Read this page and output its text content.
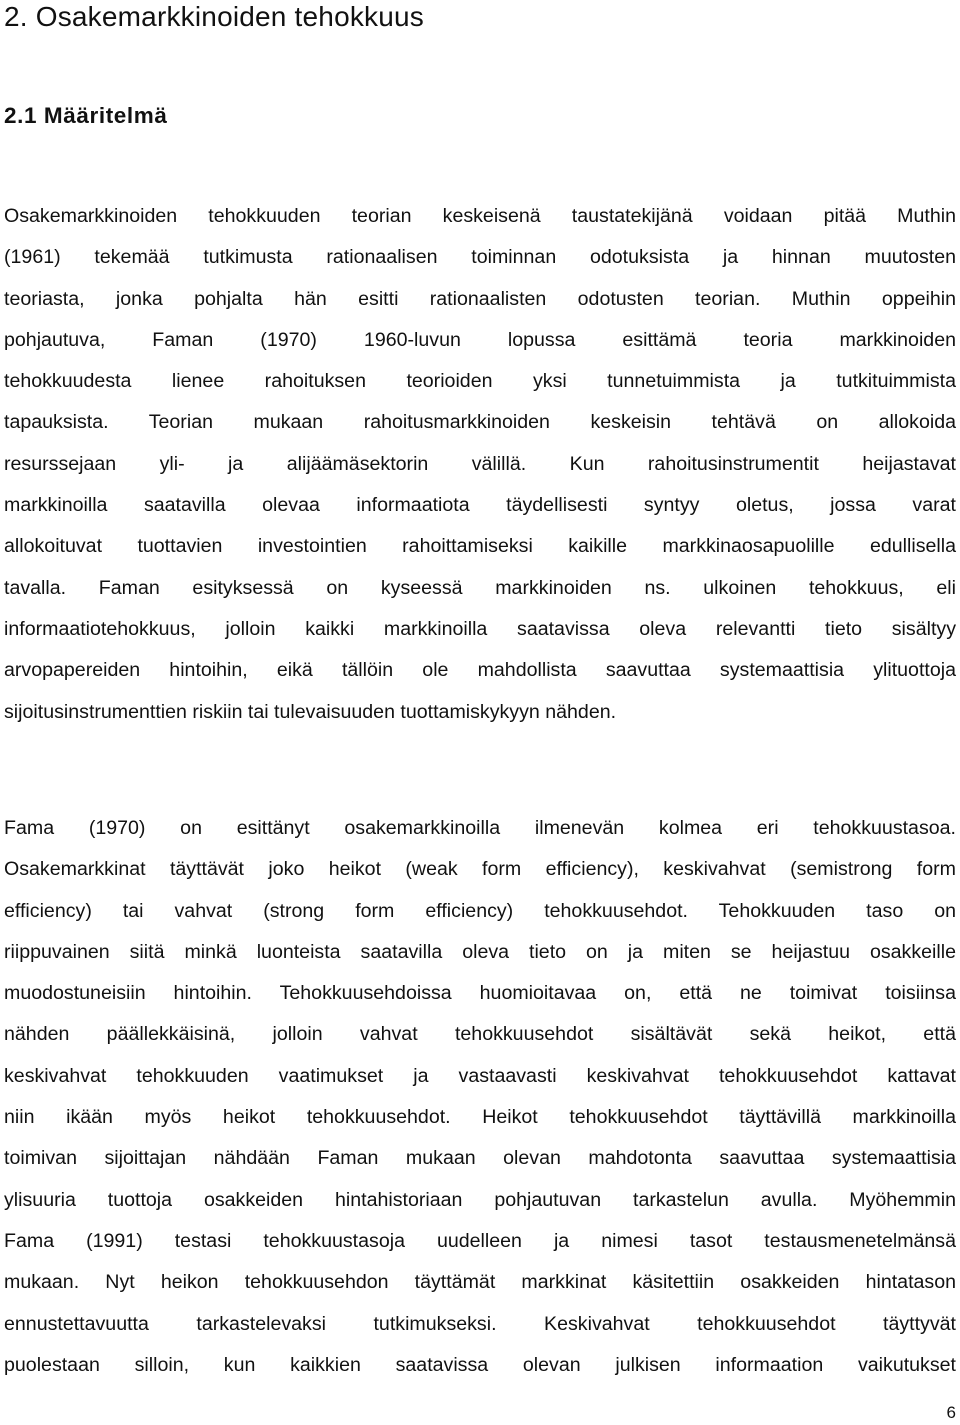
2. Osakemarkkinoiden tehokkuus
2.1 Määritelmä
Osakemarkkinoiden tehokkuuden teorian keskeisenä taustatekijänä voidaan pitää Muthin
(1961) tekemää tutkimusta rationaalisen toiminnan odotuksista ja hinnan muutosten
teoriasta, jonka pohjalta hän esitti rationaalisten odotusten teorian. Muthin oppeihin
pohjautuva, Faman (1970) 1960-luvun lopussa esittämä teoria markkinoiden
tehokkuudesta lienee rahoituksen teorioiden yksi tunnetuimmista ja tutkituimmista
tapauksista. Teorian mukaan rahoitusmarkkinoiden keskeisin tehtävä on allokoida
resurssejaan yli- ja alijäämäsektorin välillä. Kun rahoitusinstrumentit heijastavat
markkinoilla saatavilla olevaa informaatiota täydellisesti syntyy oletus, jossa varat
allokoituvat tuottavien investointien rahoittamiseksi kaikille markkinaosapuolille edullisella
tavalla. Faman esityksessä on kyseessä markkinoiden ns. ulkoinen tehokkuus, eli
informaatiotehokkuus, jolloin kaikki markkinoilla saatavissa oleva relevantti tieto sisältyy
arvopapereiden hintoihin, eikä tällöin ole mahdollista saavuttaa systemaattisia ylituottoja
sijoitusinstrumenttien riskiin tai tulevaisuuden tuottamiskykyyn nähden.
Fama (1970) on esittänyt osakemarkkinoilla ilmenevän kolmea eri tehokkuustasoa.
Osakemarkkinat täyttävät joko heikot (weak form efficiency), keskivahvat (semistrong form
efficiency) tai vahvat (strong form efficiency) tehokkuusehdot. Tehokkuuden taso on
riippuvainen siitä minkä luonteista saatavilla oleva tieto on ja miten se heijastuu osakkeille
muodostuneisiin hintoihin. Tehokkuusehdoissa huomioitavaa on, että ne toimivat toisiinsa
nähden päällekkäisinä, jolloin vahvat tehokkuusehdot sisältävät sekä heikot, että
keskivahvat tehokkuuden vaatimukset ja vastaavasti keskivahvat tehokkuusehdot kattavat
niin ikään myös heikot tehokkuusehdot. Heikot tehokkuusehdot täyttävillä markkinoilla
toimivan sijoittajan nähdään Faman mukaan olevan mahdotonta saavuttaa systemaattisia
ylisuuria tuottoja osakkeiden hintahistoriaan pohjautuvan tarkastelun avulla. Myöhemmin
Fama (1991) testasi tehokkuustasoja uudelleen ja nimesi tasot testausmenetelmänsä
mukaan. Nyt heikon tehokkuusehdon täyttämät markkinat käsitettiin osakkeiden hintatason
ennustettavuutta tarkastelevaksi tutkimukseksi. Keskivahvat tehokkuusehdot täyttyvät
puolestaan silloin, kun kaikkien saatavissa olevan julkisen informaation vaikutukset
6
